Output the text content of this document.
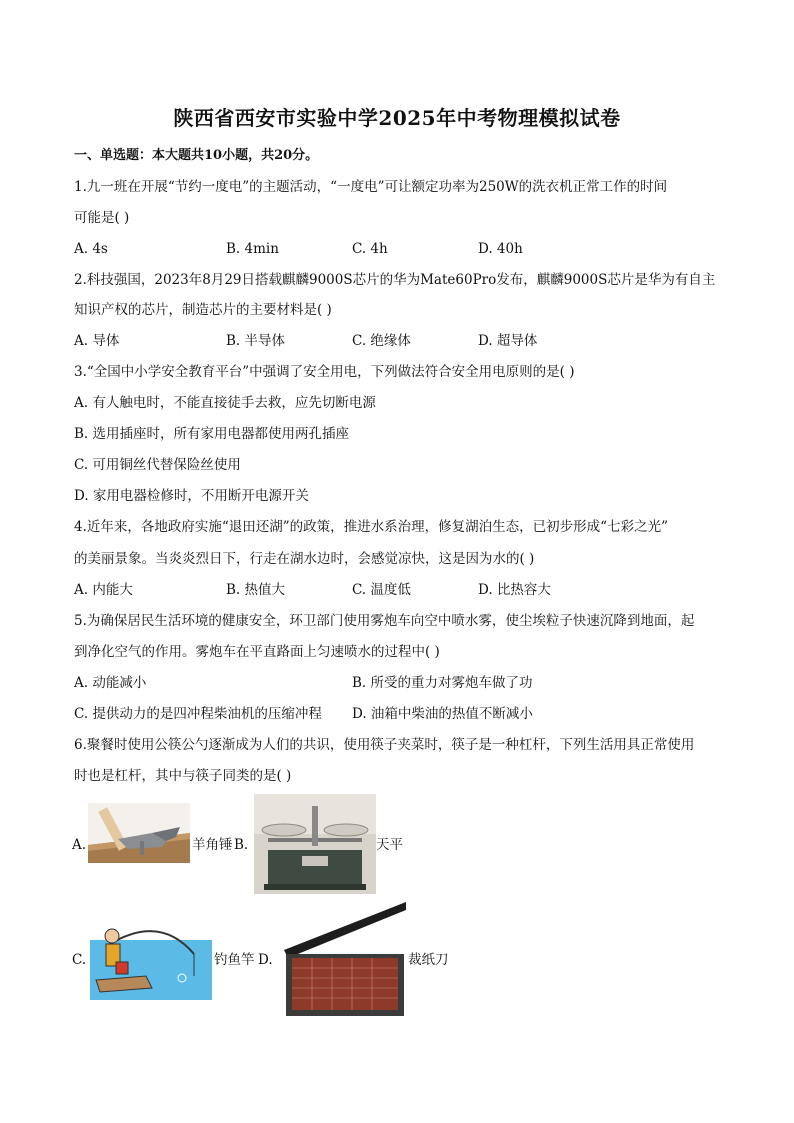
陕西省西安市实验中学2025年中考物理模拟试卷
一、单选题：本大题共10小题，共20分。
1.九一班在开展“节约一度电”的主题活动，“一度电”可让额定功率为250W的洗衣机正常工作的时间
可能是( )
A. 4s	B. 4min	C. 4h	D. 40h
2.科技强国，2023年8月29日搭载麒麟9000S芯片的华为Mate60Pro发布，麒麟9000S芯片是华为有自主
知识产权的芯片，制造芯片的主要材料是( )
A. 导体	B. 半导体	C. 绝缘体	D. 超导体
3.“全国中小学安全教育平台”中强调了安全用电，下列做法符合安全用电原则的是( )
A. 有人触电时，不能直接徒手去救，应先切断电源
B. 选用插座时，所有家用电器都使用两孔插座
C. 可用铜丝代替保险丝使用
D. 家用电器检修时，不用断开电源开关
4.近年来，各地政府实施“退田还湖”的政策，推进水系治理，修复湖泊生态，已初步形成“七彩之光”
的美丽景象。当炎炎烈日下，行走在湖水边时，会感觉凉快，这是因为水的( )
A. 内能大	B. 热值大	C. 温度低	D. 比热容大
5.为确保居民生活环境的健康安全，环卫部门使用雾炮车向空中喷水雾，使尘埃粒子快速沉降到地面，起
到净化空气的作用。雾炮车在平直路面上匀速喷水的过程中( )
A. 动能减小	B. 所受的重力对雾炮车做了功
C. 提供动力的是四冲程柴油机的压缩冲程 D. 油箱中柴油的热值不断减小
6.聚餐时使用公筷公勺逐渐成为人们的共识，使用筷子夹菜时，筷子是一种杠杆，下列生活用具正常使用
时也是杠杆，其中与筷子同类的是( )
A.	羊角锤 B.	天平
C.	钓鱼竿 D.	裁纸刀
